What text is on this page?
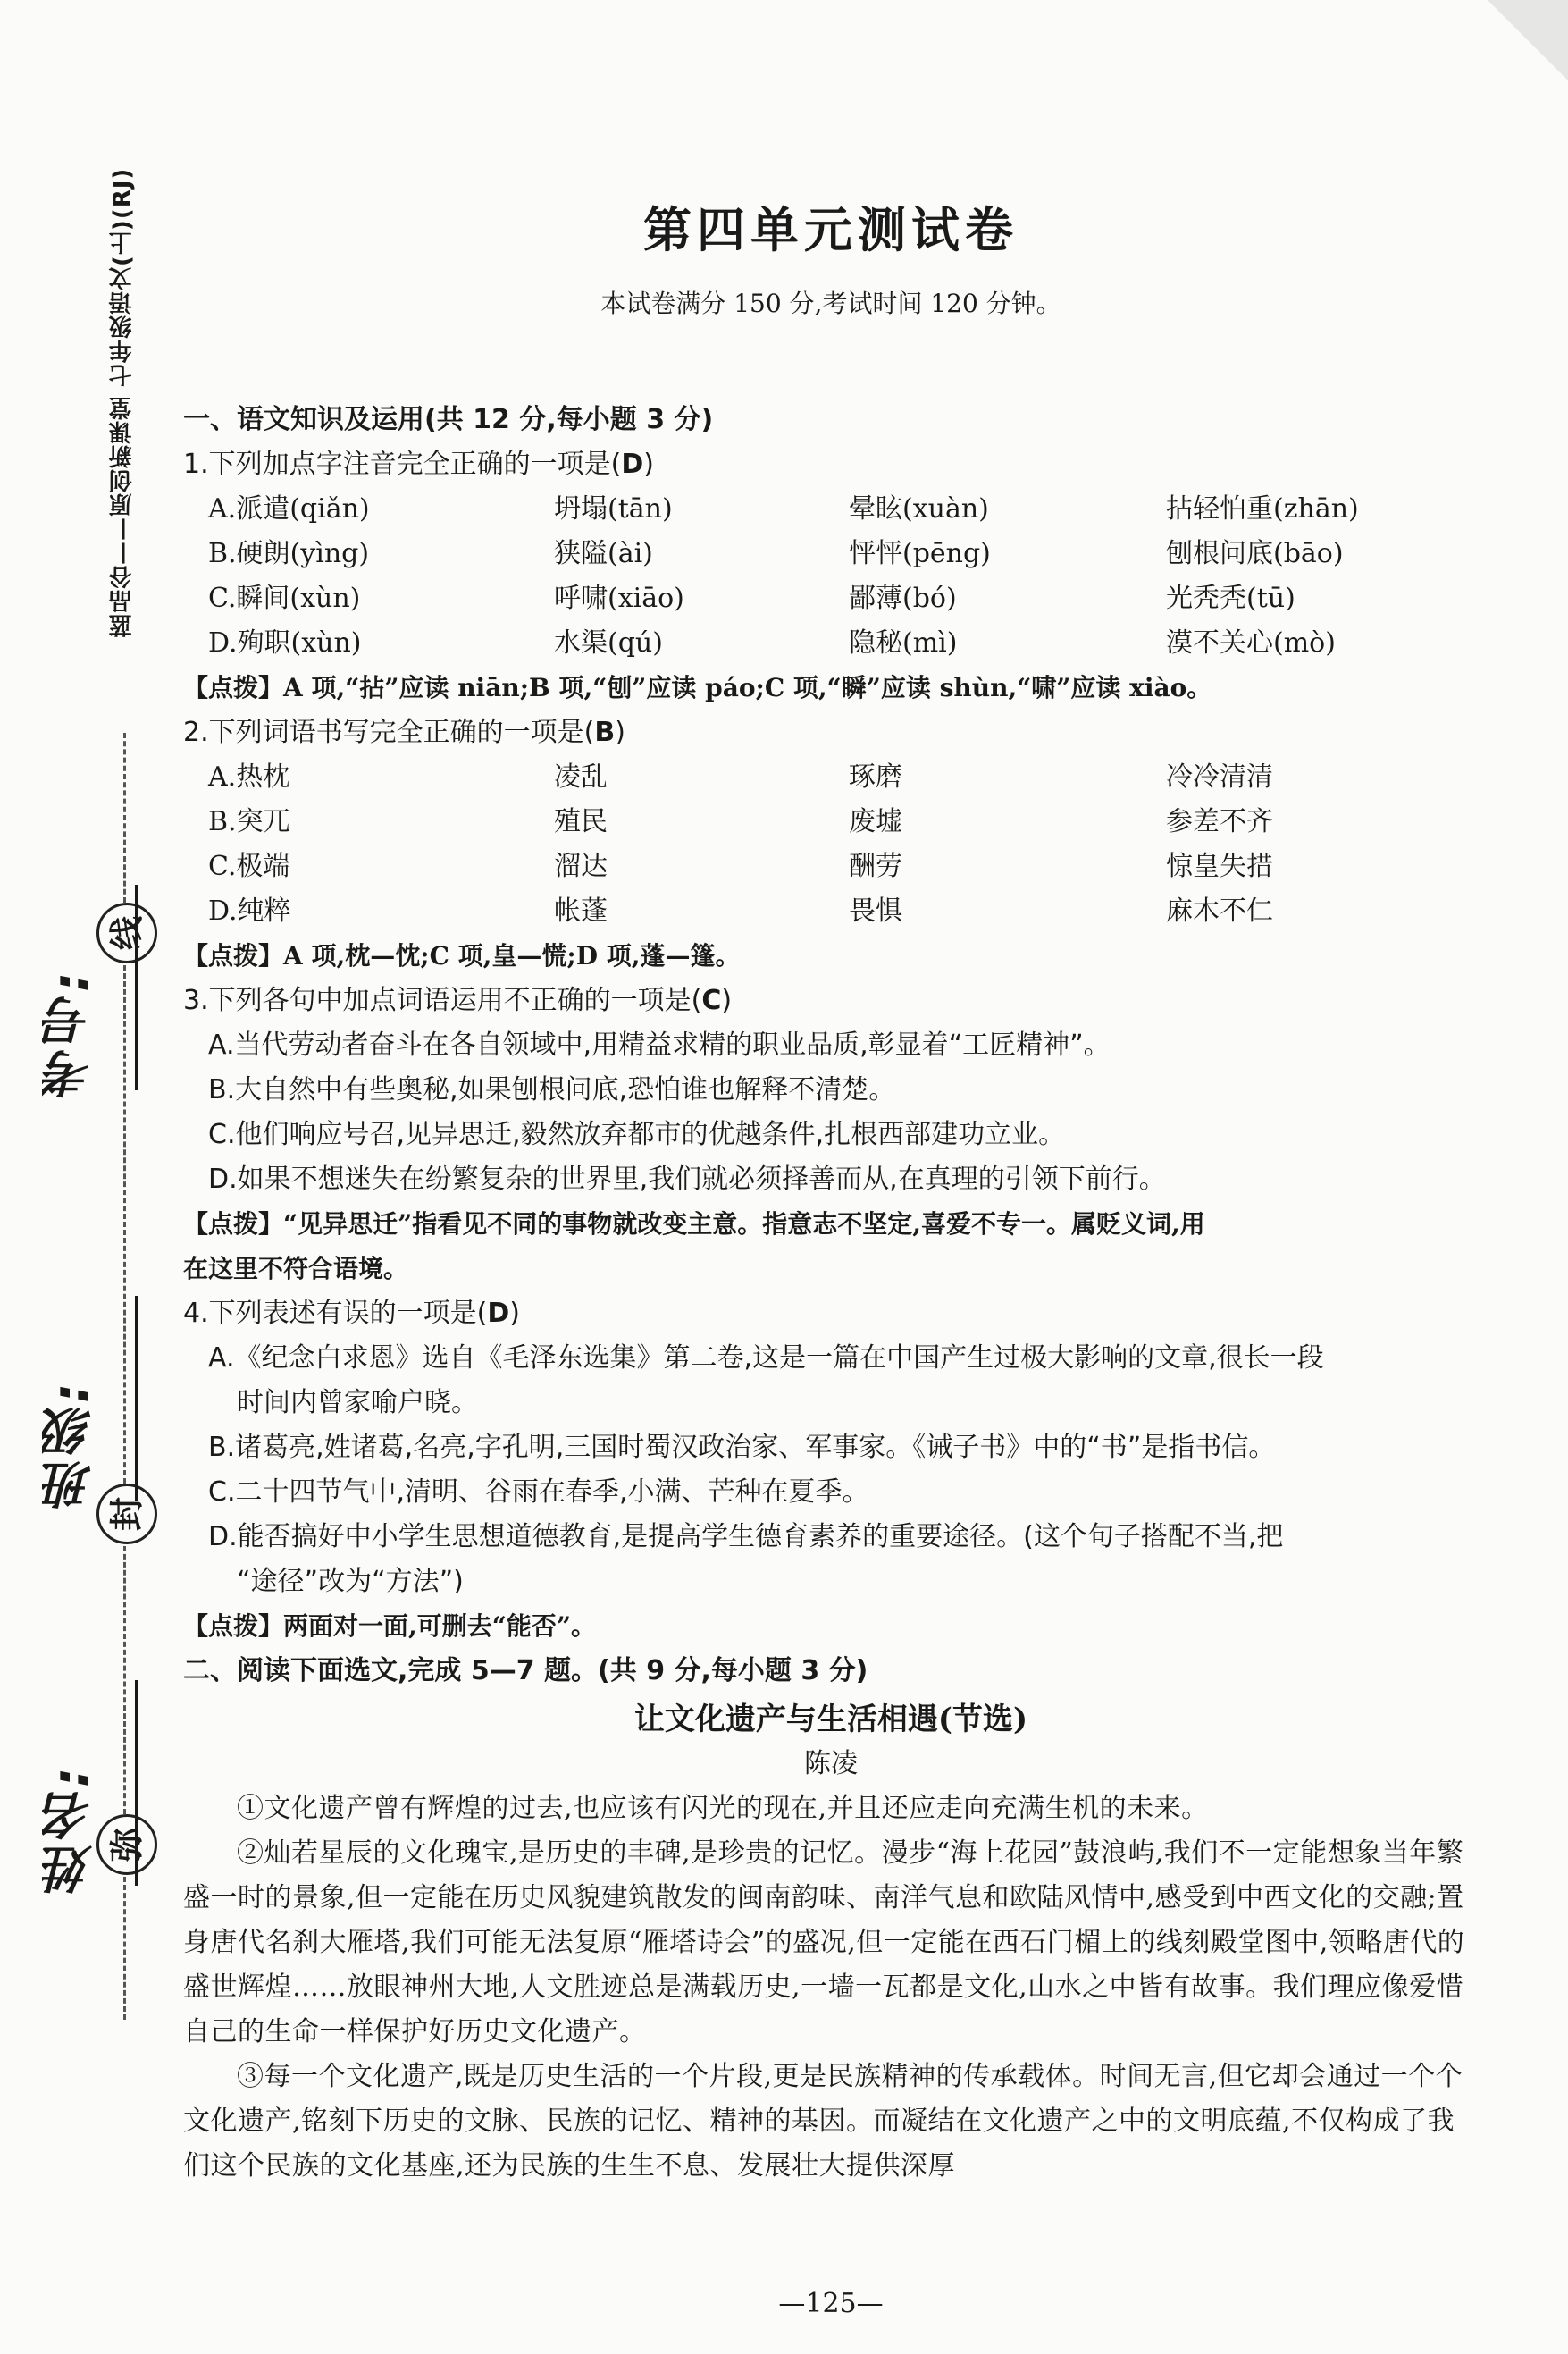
蓝品谷——原创新课堂 七年级语文(上)(RJ)
线
封
弥
考号:
班级:
姓名:
第四单元测试卷
本试卷满分 150 分,考试时间 120 分钟。
一、语文知识及运用(共 12 分,每小题 3 分)
1.下列加点字注音完全正确的一项是(D)
A.派遣(qiǎn)	坍塌(tān)	晕眩(xuàn)	拈轻怕重(zhān)
B.硬朗(yìng)	狭隘(ài)	怦怦(pēng)	刨根问底(bāo)
C.瞬间(xùn)	呼啸(xiāo)	鄙薄(bó)	光秃秃(tū)
D.殉职(xùn)	水渠(qú)	隐秘(mì)	漠不关心(mò)
【点拨】A 项,“拈”应读 niān;B 项,“刨”应读 páo;C 项,“瞬”应读 shùn,“啸”应读 xiào。
2.下列词语书写完全正确的一项是(B)
A.热枕	凌乱	琢磨	冷冷清清
B.突兀	殖民	废墟	参差不齐
C.极端	溜达	酬劳	惊皇失措
D.纯粹	帐蓬	畏惧	麻木不仁
【点拨】A 项,枕—忱;C 项,皇—慌;D 项,蓬—篷。
3.下列各句中加点词语运用不正确的一项是(C)
A.当代劳动者奋斗在各自领域中,用精益求精的职业品质,彰显着“工匠精神”。
B.大自然中有些奥秘,如果刨根问底,恐怕谁也解释不清楚。
C.他们响应号召,见异思迁,毅然放弃都市的优越条件,扎根西部建功立业。
D.如果不想迷失在纷繁复杂的世界里,我们就必须择善而从,在真理的引领下前行。
【点拨】“见异思迁”指看见不同的事物就改变主意。指意志不坚定,喜爱不专一。属贬义词,用
在这里不符合语境。
4.下列表述有误的一项是(D)
A.《纪念白求恩》选自《毛泽东选集》第二卷,这是一篇在中国产生过极大影响的文章,很长一段
时间内曾家喻户晓。
B.诸葛亮,姓诸葛,名亮,字孔明,三国时蜀汉政治家、军事家。《诫子书》中的“书”是指书信。
C.二十四节气中,清明、谷雨在春季,小满、芒种在夏季。
D.能否搞好中小学生思想道德教育,是提高学生德育素养的重要途径。(这个句子搭配不当,把
“途径”改为“方法”)
【点拨】两面对一面,可删去“能否”。
二、阅读下面选文,完成 5—7 题。(共 9 分,每小题 3 分)
让文化遗产与生活相遇(节选)
陈凌
①文化遗产曾有辉煌的过去,也应该有闪光的现在,并且还应走向充满生机的未来。
②灿若星辰的文化瑰宝,是历史的丰碑,是珍贵的记忆。漫步“海上花园”鼓浪屿,我们不一定能想象当年繁盛一时的景象,但一定能在历史风貌建筑散发的闽南韵味、南洋气息和欧陆风情中,感受到中西文化的交融;置身唐代名刹大雁塔,我们可能无法复原“雁塔诗会”的盛况,但一定能在西石门楣上的线刻殿堂图中,领略唐代的盛世辉煌……放眼神州大地,人文胜迹总是满载历史,一墙一瓦都是文化,山水之中皆有故事。我们理应像爱惜自己的生命一样保护好历史文化遗产。
③每一个文化遗产,既是历史生活的一个片段,更是民族精神的传承载体。时间无言,但它却会通过一个个文化遗产,铭刻下历史的文脉、民族的记忆、精神的基因。而凝结在文化遗产之中的文明底蕴,不仅构成了我们这个民族的文化基座,还为民族的生生不息、发展壮大提供深厚
—125—
